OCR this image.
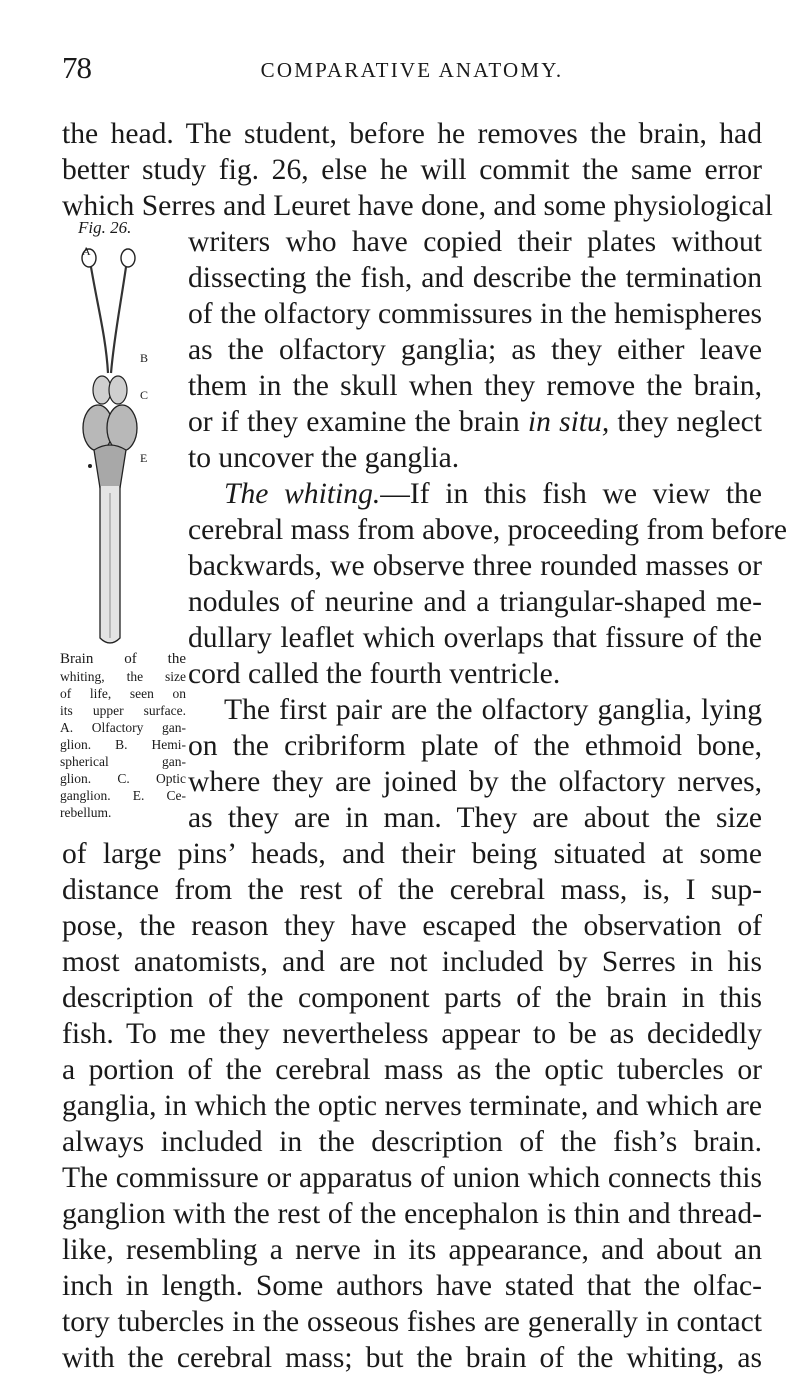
78	COMPARATIVE ANATOMY.
the head. The student, before he removes the brain, had
better study fig. 26, else he will commit the same error
which Serres and Leuret have done, and some physiological
Fig. 26.
A
B
C
E
Brain of the
whiting, the size
of life, seen on
its upper surface.
A. Olfactory gan-
glion. B. Hemi-
spherical gan-
glion. C. Optic
ganglion. E. Ce-
rebellum.
writers who have copied their plates without
dissecting the fish, and describe the termination
of the olfactory commissures in the hemispheres
as the olfactory ganglia; as they either leave
them in the skull when they remove the brain,
or if they examine the brain in situ, they neglect
to uncover the ganglia.
The whiting.—If in this fish we view the
cerebral mass from above, proceeding from before
backwards, we observe three rounded masses or
nodules of neurine and a triangular-shaped me-
dullary leaflet which overlaps that fissure of the
cord called the fourth ventricle.
The first pair are the olfactory ganglia, lying
on the cribriform plate of the ethmoid bone,
where they are joined by the olfactory nerves,
as they are in man. They are about the size
of large pins’ heads, and their being situated at some
distance from the rest of the cerebral mass, is, I sup-
pose, the reason they have escaped the observation of
most anatomists, and are not included by Serres in his
description of the component parts of the brain in this
fish. To me they nevertheless appear to be as decidedly
a portion of the cerebral mass as the optic tubercles or
ganglia, in which the optic nerves terminate, and which are
always included in the description of the fish’s brain.
The commissure or apparatus of union which connects this
ganglion with the rest of the encephalon is thin and thread-
like, resembling a nerve in its appearance, and about an
inch in length. Some authors have stated that the olfac-
tory tubercles in the osseous fishes are generally in contact
with the cerebral mass; but the brain of the whiting, as
